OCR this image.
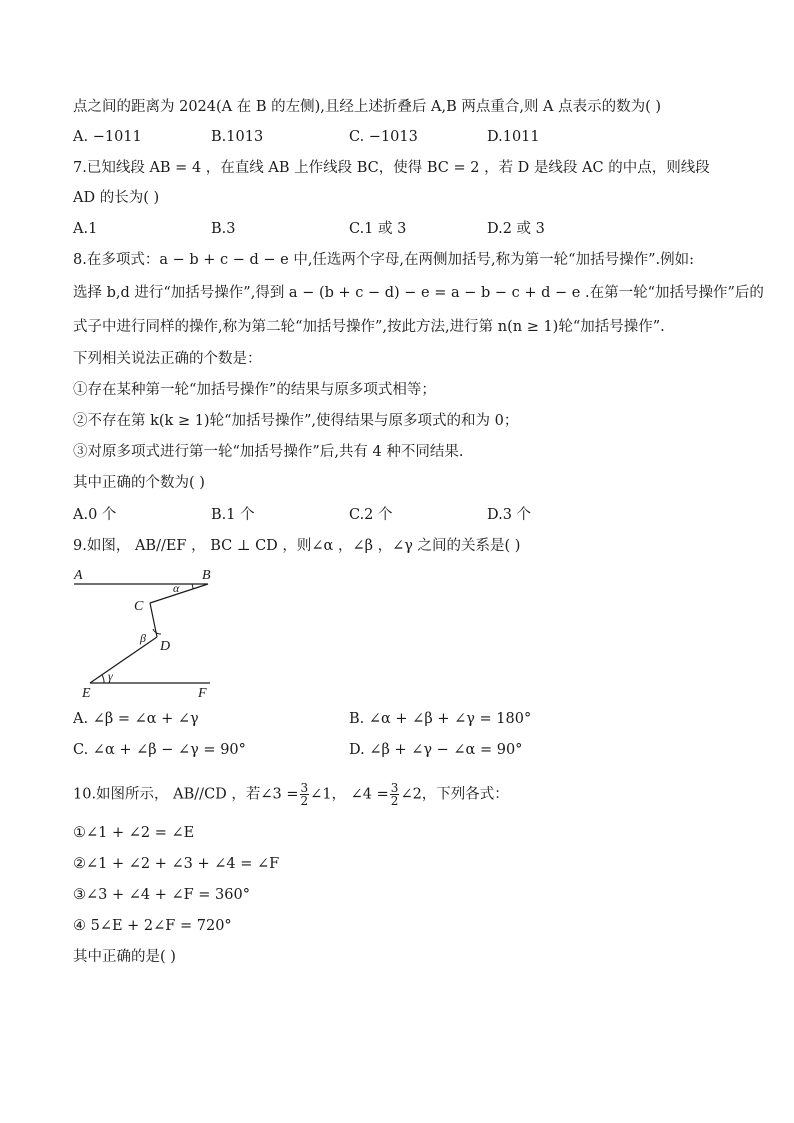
点之间的距离为 2024(A 在 B 的左侧),且经上述折叠后 A,B 两点重合,则 A 点表示的数为( )
A. −1011	B.1013	C. −1013	D.1011
7.已知线段 AB = 4 ，在直线 AB 上作线段 BC，使得 BC = 2 ，若 D 是线段 AC 的中点，则线段
AD 的长为( )
A.1	B.3	C.1 或 3	D.2 或 3
8.在多项式：a − b + c − d − e 中,任选两个字母,在两侧加括号,称为第一轮“加括号操作”.例如:
选择 b,d 进行“加括号操作”,得到 a − (b + c − d) − e = a − b − c + d − e .在第一轮“加括号操作”后的
式子中进行同样的操作,称为第二轮“加括号操作”,按此方法,进行第 n(n ≥ 1)轮“加括号操作”.
下列相关说法正确的个数是：
①存在某种第一轮“加括号操作”的结果与原多项式相等；
②不存在第 k(k ≥ 1)轮“加括号操作”,使得结果与原多项式的和为 0；
③对原多项式进行第一轮“加括号操作”后,共有 4 种不同结果.
其中正确的个数为( )
A.0 个	B.1 个	C.2 个	D.3 个
9.如图， AB//EF ， BC ⊥ CD ，则∠α ，∠β ，∠γ 之间的关系是( )
A	B
C
D
E	F
α
β
γ
A. ∠β = ∠α + ∠γ	B. ∠α + ∠β + ∠γ = 180°
C. ∠α + ∠β − ∠γ = 90°	D. ∠β + ∠γ − ∠α = 90°
10.如图所示， AB//CD ，若∠3 = $\frac{3}{2}$ ∠1， ∠4 = $\frac{3}{2}$ ∠2，下列各式：
①∠1 + ∠2 = ∠E
②∠1 + ∠2 + ∠3 + ∠4 = ∠F
③∠3 + ∠4 + ∠F = 360°
④ 5∠E + 2∠F = 720°
其中正确的是( )
